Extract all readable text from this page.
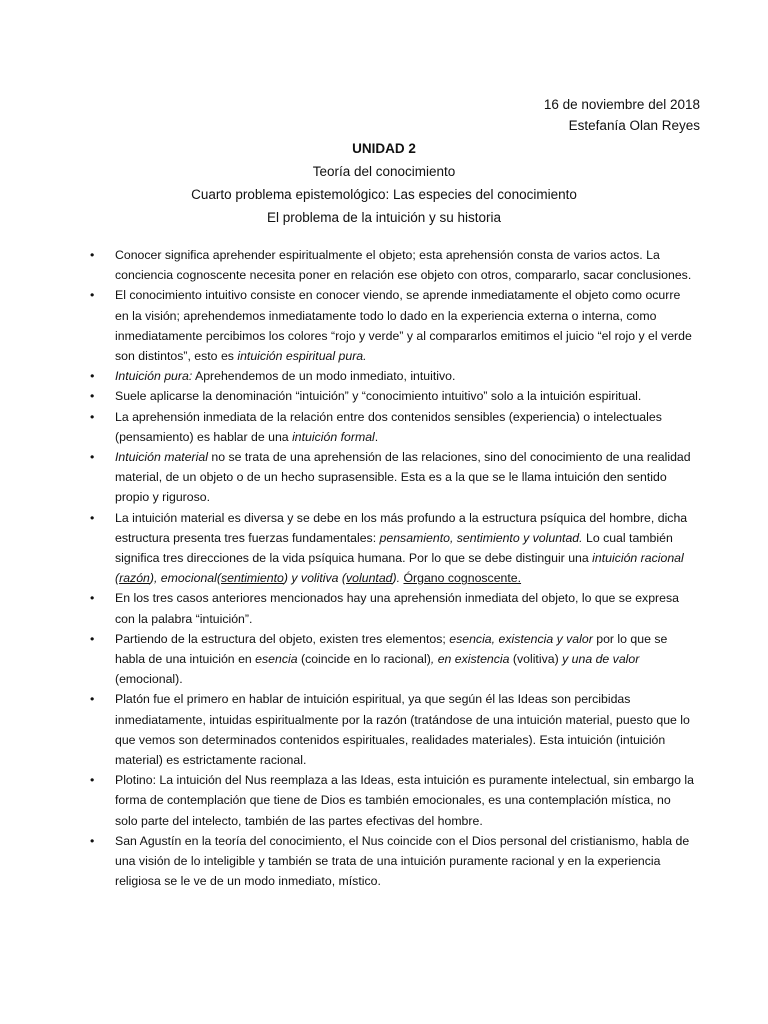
16 de noviembre del 2018
Estefanía Olan Reyes
UNIDAD 2
Teoría del conocimiento
Cuarto problema epistemológico: Las especies del conocimiento
El problema de la intuición y su historia
•	Conocer significa aprehender espiritualmente el objeto; esta aprehensión consta de varios actos. La conciencia cognoscente necesita poner en relación ese objeto con otros, compararlo, sacar conclusiones.
•	El conocimiento intuitivo consiste en conocer viendo, se aprende inmediatamente el objeto como ocurre en la visión; aprehendemos inmediatamente todo lo dado en la experiencia externa o interna, como inmediatamente percibimos los colores “rojo y verde” y al compararlos emitimos el juicio “el rojo y el verde son distintos”, esto es intuición espiritual pura.
•	Intuición pura: Aprehendemos de un modo inmediato, intuitivo.
•	Suele aplicarse la denominación “intuición” y “conocimiento intuitivo” solo a la intuición espiritual.
•	La aprehensión inmediata de la relación entre dos contenidos sensibles (experiencia) o intelectuales (pensamiento) es hablar de una intuición formal.
•	Intuición material no se trata de una aprehensión de las relaciones, sino del conocimiento de una realidad material, de un objeto o de un hecho suprasensible. Esta es a la que se le llama intuición den sentido propio y riguroso.
•	La intuición material es diversa y se debe en los más profundo a la estructura psíquica del hombre, dicha estructura presenta tres fuerzas fundamentales: pensamiento, sentimiento y voluntad. Lo cual también significa tres direcciones de la vida psíquica humana. Por lo que se debe distinguir una intuición racional (razón), emocional(sentimiento) y volitiva (voluntad). Órgano cognoscente.
•	En los tres casos anteriores mencionados hay una aprehensión inmediata del objeto, lo que se expresa con la palabra “intuición”.
•	Partiendo de la estructura del objeto, existen tres elementos; esencia, existencia y valor por lo que se habla de una intuición en esencia (coincide en lo racional), en existencia (volitiva) y una de valor (emocional).
•	Platón fue el primero en hablar de intuición espiritual, ya que según él las Ideas son percibidas inmediatamente, intuidas espiritualmente por la razón (tratándose de una intuición material, puesto que lo que vemos son determinados contenidos espirituales, realidades materiales). Esta intuición (intuición material) es estrictamente racional.
•	Plotino: La intuición del Nus reemplaza a las Ideas, esta intuición es puramente intelectual, sin embargo la forma de contemplación que tiene de Dios es también emocionales, es una contemplación mística, no solo parte del intelecto, también de las partes efectivas del hombre.
•	San Agustín en la teoría del conocimiento, el Nus coincide con el Dios personal del cristianismo, habla de una visión de lo inteligible y también se trata de una intuición puramente racional y en la experiencia religiosa se le ve de un modo inmediato, místico.
